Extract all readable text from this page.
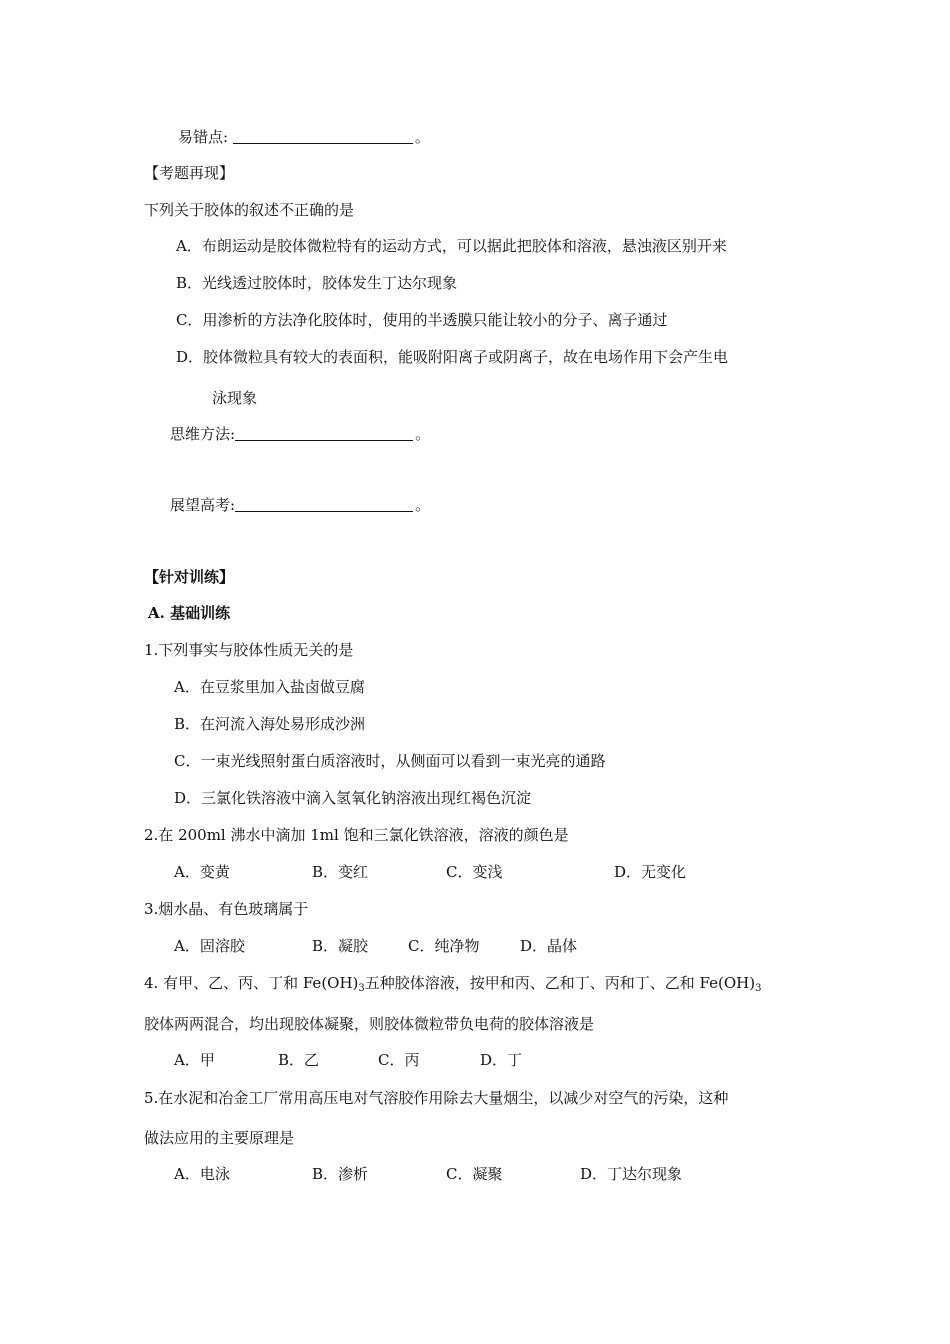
易错点:	。
【考题再现】
下列关于胶体的叙述不正确的是
A．布朗运动是胶体微粒特有的运动方式，可以据此把胶体和溶液，悬浊液区别开来
B．光线透过胶体时，胶体发生丁达尔现象
C．用渗析的方法净化胶体时，使用的半透膜只能让较小的分子、离子通过
D．胶体微粒具有较大的表面积，能吸附阳离子或阴离子，故在电场作用下会产生电
泳现象
思维方法:	。
展望高考:	。
【针对训练】
A. 基础训练
1.下列事实与胶体性质无关的是
A．在豆浆里加入盐卤做豆腐
B．在河流入海处易形成沙洲
C．一束光线照射蛋白质溶液时，从侧面可以看到一束光亮的通路
D．三氯化铁溶液中滴入氢氧化钠溶液出现红褐色沉淀
2.在 200ml 沸水中滴加 1ml 饱和三氯化铁溶液，溶液的颜色是
A．变黄	B．变红	C．变浅	D．无变化
3.烟水晶、有色玻璃属于
A．固溶胶	B．凝胶	C．纯净物	D．晶体
4. 有甲、乙、丙、丁和 $Fe(OH)_3$五种胶体溶液，按甲和丙、乙和丁、丙和丁、乙和 $Fe(OH)_3$
胶体两两混合，均出现胶体凝聚，则胶体微粒带负电荷的胶体溶液是
A．甲	B．乙	C．丙	D．丁
5.在水泥和冶金工厂常用高压电对气溶胶作用除去大量烟尘，以减少对空气的污染，这种
做法应用的主要原理是
A．电泳	B．渗析	C．凝聚	D．丁达尔现象
